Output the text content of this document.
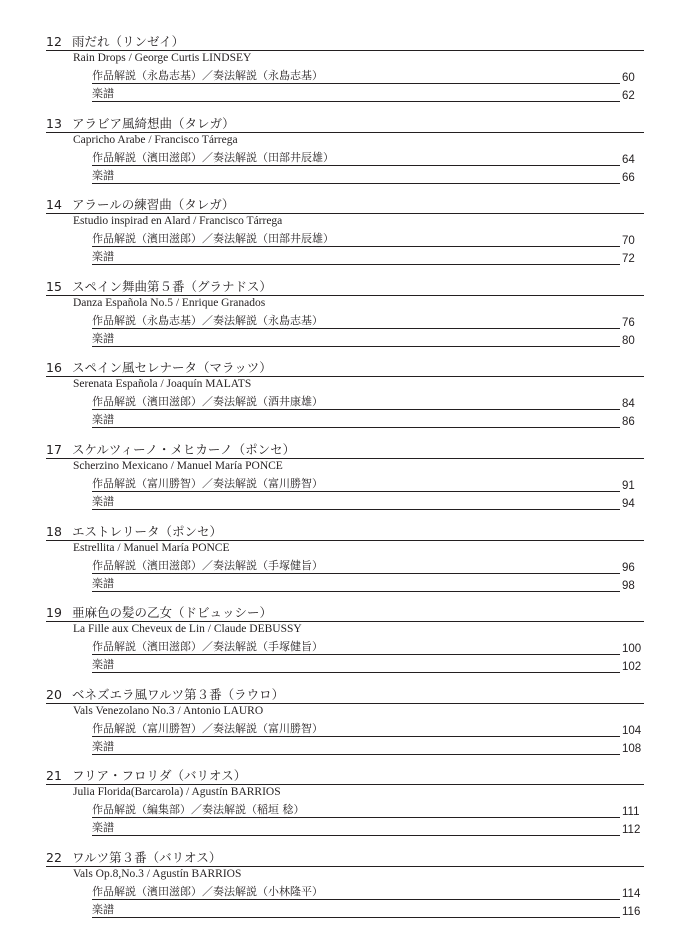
12 雨だれ（リンゼイ）
Rain Drops / George Curtis LINDSEY
作品解説（永島志基）／奏法解説（永島志基）	60
楽譜	62
13 アラビア風綺想曲（タレガ）
Capricho Arabe / Francisco Tárrega
作品解説（濱田滋郎）／奏法解説（田部井辰雄）	64
楽譜	66
14 アラールの練習曲（タレガ）
Estudio inspirad en Alard / Francisco Tárrega
作品解説（濱田滋郎）／奏法解説（田部井辰雄）	70
楽譜	72
15 スペイン舞曲第５番（グラナドス）
Danza Española No.5 / Enrique Granados
作品解説（永島志基）／奏法解説（永島志基）	76
楽譜	80
16 スペイン風セレナータ（マラッツ）
Serenata Española / Joaquín MALATS
作品解説（濱田滋郎）／奏法解説（酒井康雄）	84
楽譜	86
17 スケルツィーノ・メヒカーノ（ポンセ）
Scherzino Mexicano / Manuel María PONCE
作品解説（富川勝智）／奏法解説（富川勝智）	91
楽譜	94
18 エストレリータ（ポンセ）
Estrellita / Manuel María PONCE
作品解説（濱田滋郎）／奏法解説（手塚健旨）	96
楽譜	98
19 亜麻色の髪の乙女（ドビュッシー）
La Fille aux Cheveux de Lin / Claude DEBUSSY
作品解説（濱田滋郎）／奏法解説（手塚健旨）	100
楽譜	102
20 ベネズエラ風ワルツ第３番（ラウロ）
Vals Venezolano No.3 / Antonio LAURO
作品解説（富川勝智）／奏法解説（富川勝智）	104
楽譜	108
21 フリア・フロリダ（バリオス）
Julia Florida(Barcarola) / Agustín BARRIOS
作品解説（編集部）／奏法解説（稲垣 稔）	111
楽譜	112
22 ワルツ第３番（バリオス）
Vals Op.8,No.3 / Agustín BARRIOS
作品解説（濱田滋郎）／奏法解説（小林隆平）	114
楽譜	116
